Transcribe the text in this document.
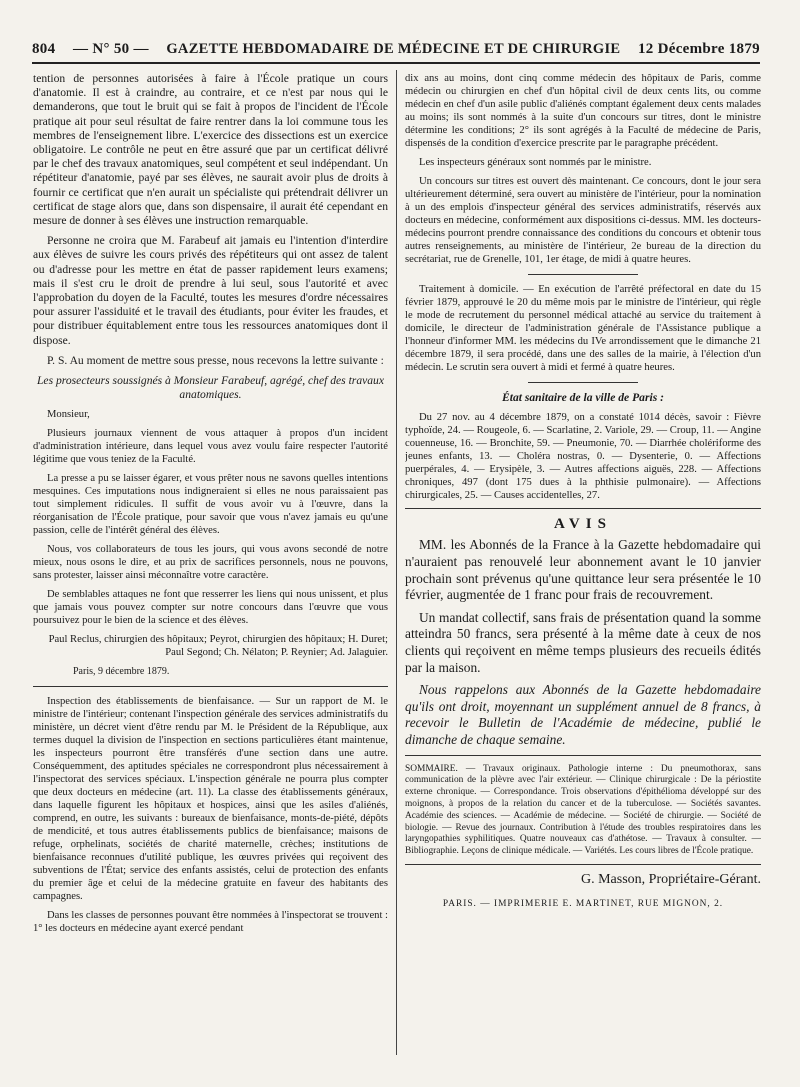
804 — N° 50 — GAZETTE HEBDOMADAIRE DE MÉDECINE ET DE CHIRURGIE 12 Décembre 1879

tention de personnes autorisées à faire à l'École pratique un cours d'anatomie. Il est à craindre, au contraire, et ce n'est par nous qui le demanderons, que tout le bruit qui se fait à propos de l'incident de l'École pratique ait pour seul résultat de faire rentrer dans la loi commune tous les membres de l'enseignement libre. L'exercice des dissections est un exercice obligatoire. Le contrôle ne peut en être assuré que par un certificat délivré par le chef des travaux anatomiques, seul compétent et seul indépendant. Un répétiteur d'anatomie, payé par ses élèves, ne saurait avoir plus de droits à fournir ce certificat que n'en aurait un spécialiste qui prétendrait délivrer un certificat de stage alors que, dans son dispensaire, il aurait été cependant en mesure de donner à ses élèves une instruction remarquable.

Personne ne croira que M. Farabeuf ait jamais eu l'intention d'interdire aux élèves de suivre les cours privés des répétiteurs qui ont assez de talent ou d'adresse pour les mettre en état de passer rapidement leurs examens; mais il s'est cru le droit de prendre à lui seul, sous l'autorité et avec l'approbation du doyen de la Faculté, toutes les mesures d'ordre nécessaires pour assurer l'assiduité et le travail des étudiants, pour éviter les fraudes, et pour distribuer équitablement entre tous les ressources anatomiques dont il dispose.

P. S. Au moment de mettre sous presse, nous recevons la lettre suivante :

Les prosecteurs soussignés à Monsieur Farabeuf, agrégé, chef des travaux anatomiques.

Monsieur,

Plusieurs journaux viennent de vous attaquer à propos d'un incident d'administration intérieure, dans lequel vous avez voulu faire respecter l'autorité légitime que vous teniez de la Faculté.

La presse a pu se laisser égarer, et vous prêter nous ne savons quelles intentions mesquines. Ces imputations nous indigneraient si elles ne nous paraissaient pas tout simplement ridicules. Il suffit de vous avoir vu à l'œuvre, dans la réorganisation de l'École pratique, pour savoir que vous n'avez jamais eu qu'une passion, celle de l'intérêt général des élèves.

Nous, vos collaborateurs de tous les jours, qui vous avons secondé de notre mieux, nous osons le dire, et au prix de sacrifices personnels, nous ne pouvons, sans protester, laisser ainsi méconnaître votre caractère.

De semblables attaques ne font que resserrer les liens qui nous unissent, et plus que jamais vous pouvez compter sur notre concours dans l'œuvre que vous poursuivez pour le bien de la science et des élèves.

Paul Reclus, chirurgien des hôpitaux; Peyrot, chirurgien des hôpitaux; H. Duret; Paul Segond; Ch. Nélaton; P. Reynier; Ad. Jalaguier.

Paris, 9 décembre 1879.

Inspection des établissements de bienfaisance. — Sur un rapport de M. le ministre de l'intérieur; contenant l'inspection générale des services administratifs du ministère, un décret vient d'être rendu par M. le Président de la République, aux termes duquel la division de l'inspection en sections particulières étant maintenue, les inspecteurs pourront être transférés d'une section dans une autre. Conséquemment, des aptitudes spéciales ne correspondront plus nécessairement à l'inspectorat des services spéciaux. L'inspection générale ne pourra plus compter que deux docteurs en médecine (art. 11). La classe des établissements généraux, dans laquelle figurent les hôpitaux et hospices, ainsi que les asiles d'aliénés, comprend, en outre, les suivants : bureaux de bienfaisance, monts-de-piété, dépôts de mendicité, et tous autres établissements publics de bienfaisance; maisons de refuge, orphelinats, sociétés de charité maternelle, crèches; institutions de bienfaisance reconnues d'utilité publique, les œuvres privées qui reçoivent des subventions de l'État; service des enfants assistés, celui de protection des enfants du premier âge et celui de la médecine gratuite en faveur des habitants des campagnes.

Dans les classes de personnes pouvant être nommées à l'inspectorat se trouvent : 1° les docteurs en médecine ayant exercé pendant

dix ans au moins, dont cinq comme médecin des hôpitaux de Paris, comme médecin ou chirurgien en chef d'un hôpital civil de deux cents lits, ou comme médecin en chef d'un asile public d'aliénés comptant également deux cents malades au moins; ils sont nommés à la suite d'un concours sur titres, dont le ministre détermine les conditions; 2° ils sont agrégés à la Faculté de médecine de Paris, dispensés de la condition d'exercice prescrite par le paragraphe précédent.

Les inspecteurs généraux sont nommés par le ministre.

Un concours sur titres est ouvert dès maintenant. Ce concours, dont le jour sera ultérieurement déterminé, sera ouvert au ministère de l'intérieur, pour la nomination à un des emplois d'inspecteur général des services administratifs, réservés aux docteurs en médecine, conformément aux dispositions ci-dessus. MM. les docteurs-médecins pourront prendre connaissance des conditions du concours et obtenir tous autres renseignements, au ministère de l'intérieur, 2e bureau de la direction du secrétariat, rue de Grenelle, 101, 1er étage, de midi à quatre heures.

Traitement à domicile. — En exécution de l'arrêté préfectoral en date du 15 février 1879, approuvé le 20 du même mois par le ministre de l'intérieur, qui règle le mode de recrutement du personnel médical attaché au service du traitement à domicile, le directeur de l'administration générale de l'Assistance publique a l'honneur d'informer MM. les médecins du IVe arrondissement que le dimanche 21 décembre 1879, il sera procédé, dans une des salles de la mairie, à l'élection d'un médecin. Le scrutin sera ouvert à midi et fermé à quatre heures.

État sanitaire de la ville de Paris :

Du 27 nov. au 4 décembre 1879, on a constaté 1014 décès, savoir : Fièvre typhoïde, 24. — Rougeole, 6. — Scarlatine, 2. Variole, 29. — Croup, 11. — Angine couenneuse, 16. — Bronchite, 59. — Pneumonie, 70. — Diarrhée cholériforme des jeunes enfants, 13. — Choléra nostras, 0. — Dysenterie, 0. — Affections puerpérales, 4. — Erysipèle, 3. — Autres affections aiguës, 228. — Affections chroniques, 497 (dont 175 dues à la phthisie pulmonaire). — Affections chirurgicales, 25. — Causes accidentelles, 27.

AVIS

MM. les Abonnés de la France à la Gazette hebdomadaire qui n'auraient pas renouvelé leur abonnement avant le 10 janvier prochain sont prévenus qu'une quittance leur sera présentée le 10 février, augmentée de 1 franc pour frais de recouvrement.

Un mandat collectif, sans frais de présentation quand la somme atteindra 50 francs, sera présenté à la même date à ceux de nos clients qui reçoivent en même temps plusieurs des recueils édités par la maison.

Nous rappelons aux Abonnés de la Gazette hebdomadaire qu'ils ont droit, moyennant un supplément annuel de 8 francs, à recevoir le Bulletin de l'Académie de médecine, publié le dimanche de chaque semaine.

SOMMAIRE. — Travaux originaux. Pathologie interne : Du pneumothorax, sans communication de la plèvre avec l'air extérieur. — Clinique chirurgicale : De la périostite externe chronique. — Correspondance. Trois observations d'épithélioma développé sur des moignons, à propos de la relation du cancer et de la tuberculose. — Sociétés savantes. Académie des sciences. — Académie de médecine. — Société de chirurgie. — Société de biologie. — Revue des journaux. Contribution à l'étude des troubles respiratoires dans les laryngopathies syphilitiques. Quatre nouveaux cas d'athétose. — Travaux à consulter. — Bibliographie. Leçons de clinique médicale. — Variétés. Les cours libres de l'École pratique.

G. Masson, Propriétaire-Gérant.
PARIS. — IMPRIMERIE E. MARTINET, RUE MIGNON, 2.
